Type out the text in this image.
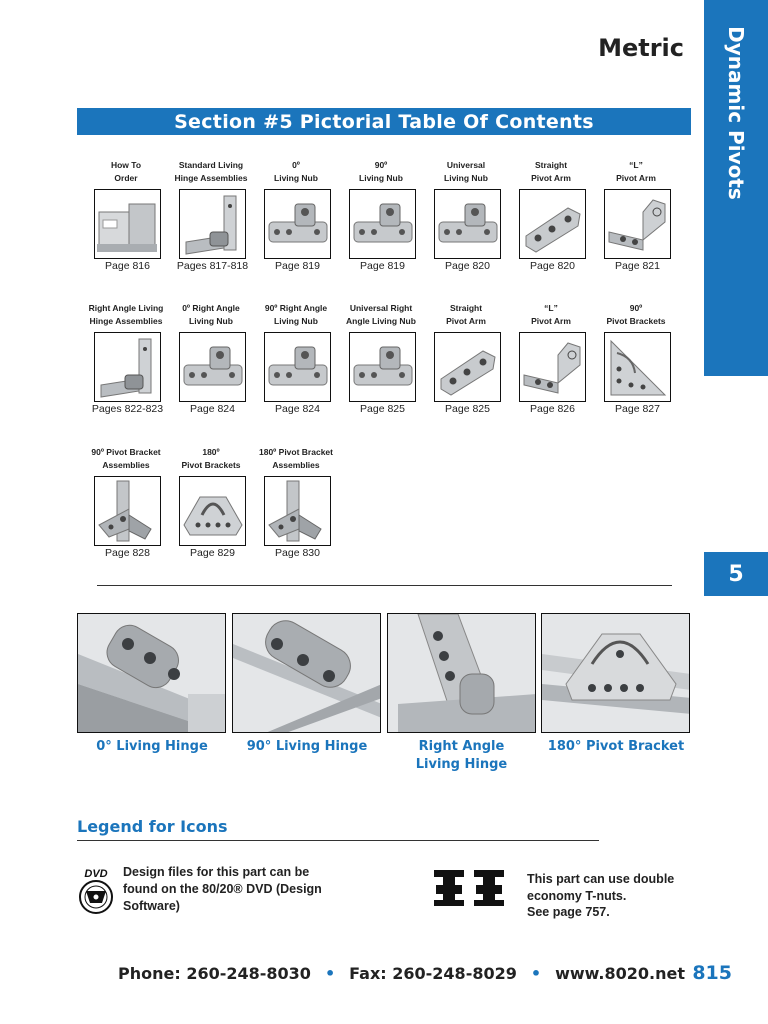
Metric Dynamic Pivots
5
Section #5 Pictorial Table Of Contents
How To
Order
Page 816
Standard Living
Hinge Assemblies
Pages 817-818
0º
Living Nub
Page 819
90º
Living Nub
Page 819
Universal
Living Nub
Page 820
Straight
Pivot Arm
Page 820
“L”
Pivot Arm
Page 821
Right Angle Living
Hinge Assemblies
Pages 822-823
0º Right Angle
Living Nub
Page 824
90º Right Angle
Living Nub
Page 824
Universal Right
Angle Living Nub
Page 825
Straight
Pivot Arm
Page 825
“L”
Pivot Arm
Page 826
90º
Pivot Brackets
Page 827
90º Pivot Bracket
Assemblies
Page 828
180º
Pivot Brackets
Page 829
180º Pivot Bracket
Assemblies
Page 830
0° Living Hinge	90° Living Hinge	Right Angle Living Hinge
180° Pivot Bracket
Legend for Icons
DVD Design files for this part can be found on the 80/20® DVD (Design Software)
This part can use double
economy T-nuts.
See page 757.
Phone: 260-248-8030 • Fax: 260-248-8029 • www.8020.net 815
